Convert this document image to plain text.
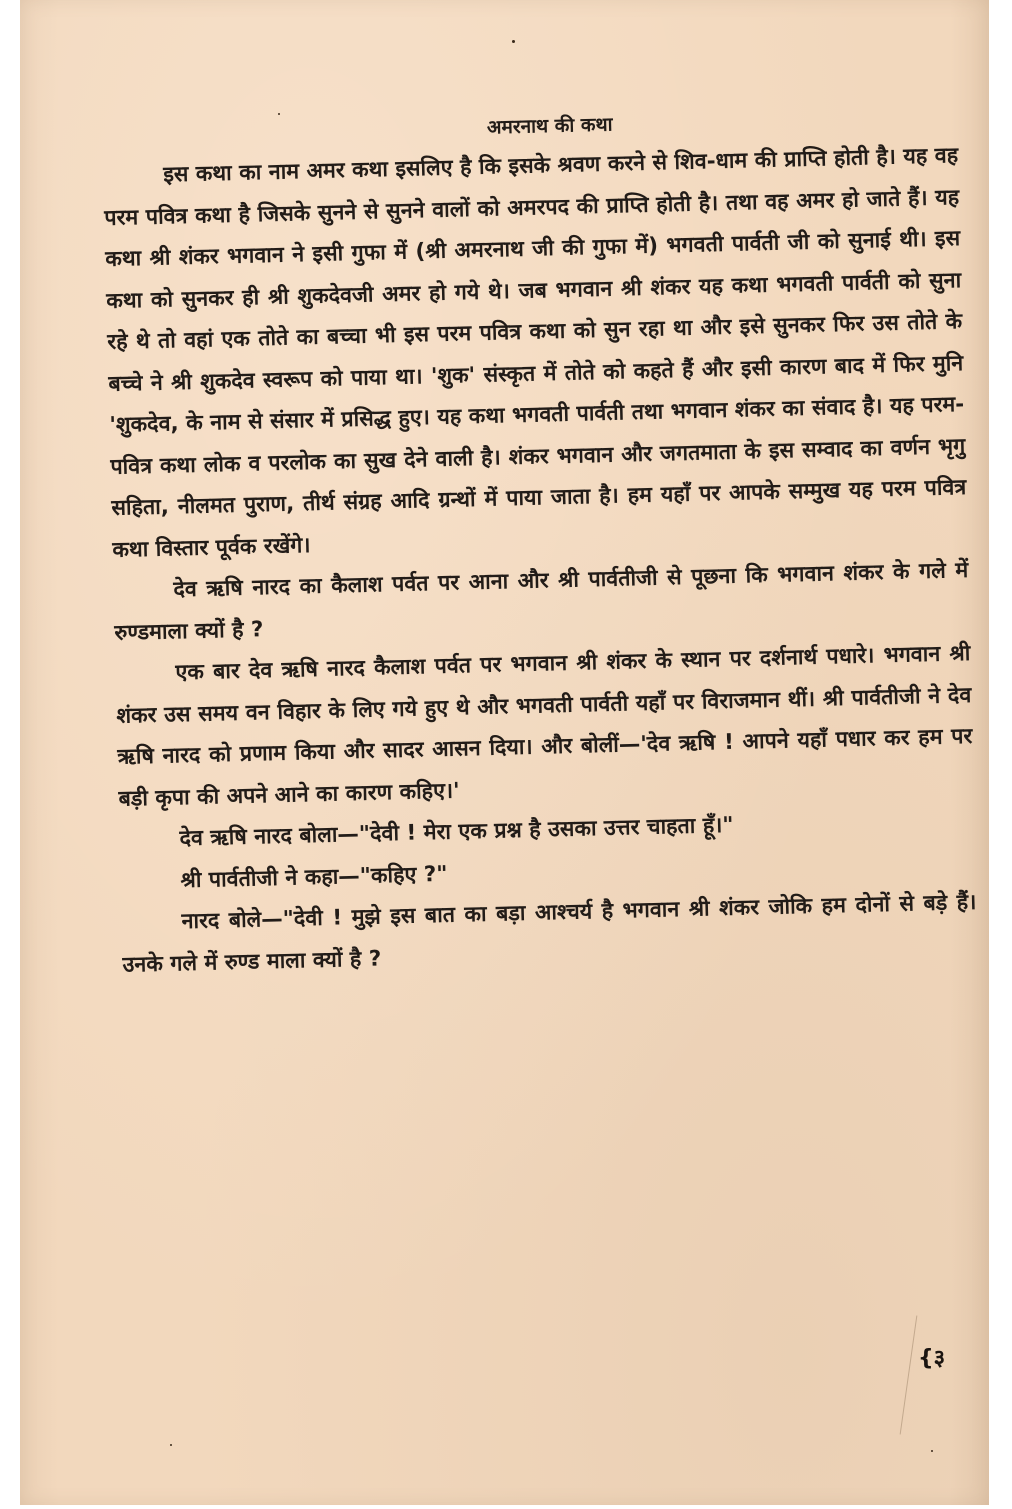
अमरनाथ की कथा

इस कथा का नाम अमर कथा इसलिए है कि इसके श्रवण करने से शिव-धाम की प्राप्ति होती है। यह वह परम पवित्र कथा है जिसके सुनने से सुनने वालों को अमरपद की प्राप्ति होती है। तथा वह अमर हो जाते हैं। यह कथा श्री शंकर भगवान ने इसी गुफा में (श्री अमरनाथ जी की गुफा में) भगवती पार्वती जी को सुनाई थी। इस कथा को सुनकर ही श्री शुकदेवजी अमर हो गये थे। जब भगवान श्री शंकर यह कथा भगवती पार्वती को सुना रहे थे तो वहां एक तोते का बच्चा भी इस परम पवित्र कथा को सुन रहा था और इसे सुनकर फिर उस तोते के बच्चे ने श्री शुकदेव स्वरूप को पाया था। 'शुक' संस्कृत में तोते को कहते हैं और इसी कारण बाद में फिर मुनि 'शुकदेव, के नाम से संसार में प्रसिद्ध हुए। यह कथा भगवती पार्वती तथा भगवान शंकर का संवाद है। यह परम-पवित्र कथा लोक व परलोक का सुख देने वाली है। शंकर भगवान और जगतमाता के इस सम्वाद का वर्णन भृगु सहिता, नीलमत पुराण, तीर्थ संग्रह आदि ग्रन्थों में पाया जाता है। हम यहाँ पर आपके सम्मुख यह परम पवित्र कथा विस्तार पूर्वक रखेंगे।

देव ऋषि नारद का कैलाश पर्वत पर आना और श्री पार्वतीजी से पूछना कि भगवान शंकर के गले में रुण्डमाला क्यों है ?

एक बार देव ऋषि नारद कैलाश पर्वत पर भगवान श्री शंकर के स्थान पर दर्शनार्थ पधारे। भगवान श्री शंकर उस समय वन विहार के लिए गये हुए थे और भगवती पार्वती यहाँ पर विराजमान थीं। श्री पार्वतीजी ने देव ऋषि नारद को प्रणाम किया और सादर आसन दिया। और बोलीं—'देव ऋषि ! आपने यहाँ पधार कर हम पर बड़ी कृपा की अपने आने का कारण कहिए।'

देव ऋषि नारद बोला—"देवी ! मेरा एक प्रश्न है उसका उत्तर चाहता हूँ।"

श्री पार्वतीजी ने कहा—"कहिए ?"

नारद बोले—"देवी ! मुझे इस बात का बड़ा आश्चर्य है भगवान श्री शंकर जोकि हम दोनों से बड़े हैं। उनके गले में रुण्ड माला क्यों है ?

{३
